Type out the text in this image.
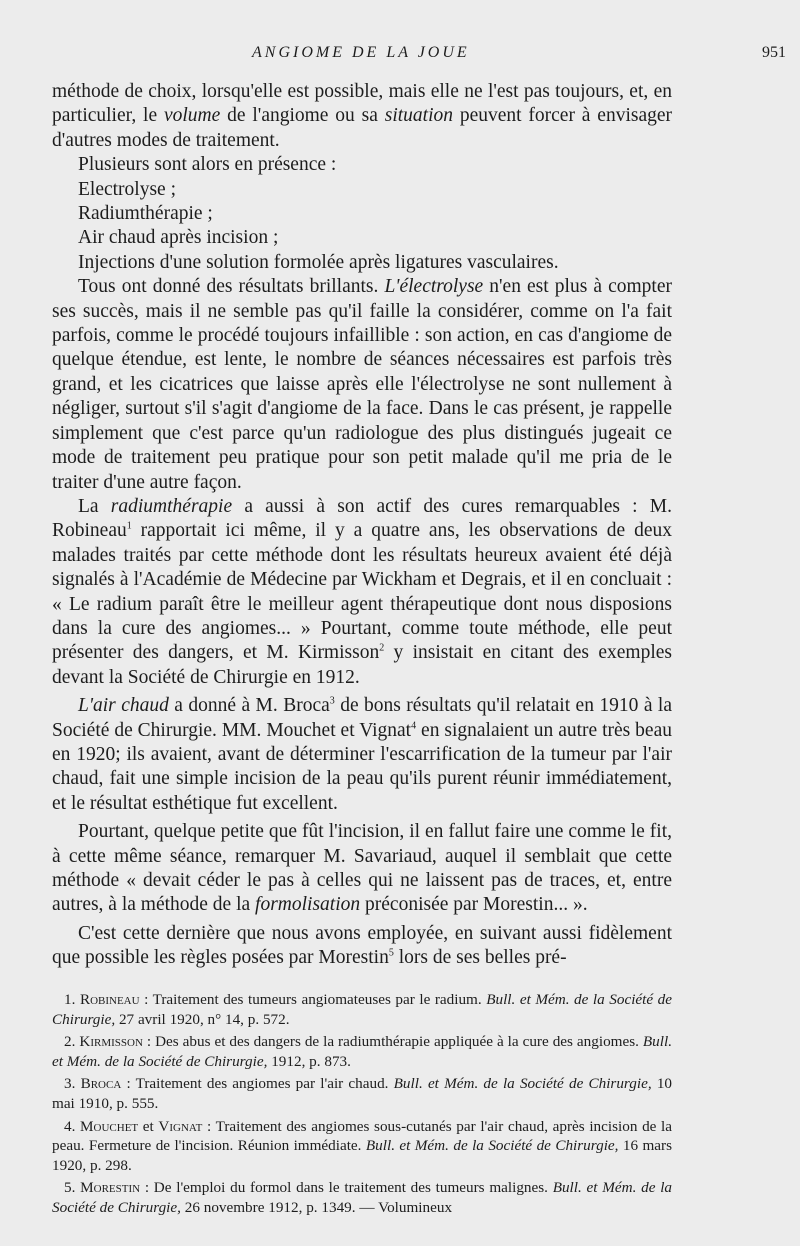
ANGIOME DE LA JOUE	951

méthode de choix, lorsqu'elle est possible, mais elle ne l'est pas toujours, et, en particulier, le volume de l'angiome ou sa situation peuvent forcer à envisager d'autres modes de traitement.

Plusieurs sont alors en présence :

Electrolyse ;

Radiumthérapie ;

Air chaud après incision ;

Injections d'une solution formolée après ligatures vasculaires.

Tous ont donné des résultats brillants. L'électrolyse n'en est plus à compter ses succès, mais il ne semble pas qu'il faille la considérer, comme on l'a fait parfois, comme le procédé toujours infaillible : son action, en cas d'angiome de quelque étendue, est lente, le nombre de séances nécessaires est parfois très grand, et les cicatrices que laisse après elle l'électrolyse ne sont nullement à négliger, surtout s'il s'agit d'angiome de la face. Dans le cas présent, je rappelle simplement que c'est parce qu'un radiologue des plus distingués jugeait ce mode de traitement peu pratique pour son petit malade qu'il me pria de le traiter d'une autre façon.

La radiumthérapie a aussi à son actif des cures remarquables : M. Robineau$^1$ rapportait ici même, il y a quatre ans, les observations de deux malades traités par cette méthode dont les résultats heureux avaient été déjà signalés à l'Académie de Médecine par Wickham et Degrais, et il en concluait : « Le radium paraît être le meilleur agent thérapeutique dont nous disposions dans la cure des angiomes... » Pourtant, comme toute méthode, elle peut présenter des dangers, et M. Kirmisson$^2$ y insistait en citant des exemples devant la Société de Chirurgie en 1912.

L'air chaud a donné à M. Broca$^3$ de bons résultats qu'il relatait en 1910 à la Société de Chirurgie. MM. Mouchet et Vignat$^4$ en signalaient un autre très beau en 1920; ils avaient, avant de déterminer l'escarrification de la tumeur par l'air chaud, fait une simple incision de la peau qu'ils purent réunir immédiatement, et le résultat esthétique fut excellent.

Pourtant, quelque petite que fût l'incision, il en fallut faire une comme le fit, à cette même séance, remarquer M. Savariaud, auquel il semblait que cette méthode « devait céder le pas à celles qui ne laissent pas de traces, et, entre autres, à la méthode de la formolisation préconisée par Morestin... ».

C'est cette dernière que nous avons employée, en suivant aussi fidèlement que possible les règles posées par Morestin$^5$ lors de ses belles pré-

1. Robineau : Traitement des tumeurs angiomateuses par le radium. Bull. et Mém. de la Société de Chirurgie, 27 avril 1920, n° 14, p. 572.

2. Kirmisson : Des abus et des dangers de la radiumthérapie appliquée à la cure des angiomes. Bull. et Mém. de la Société de Chirurgie, 1912, p. 873.

3. Broca : Traitement des angiomes par l'air chaud. Bull. et Mém. de la Société de Chirurgie, 10 mai 1910, p. 555.

4. Mouchet et Vignat : Traitement des angiomes sous-cutanés par l'air chaud, après incision de la peau. Fermeture de l'incision. Réunion immédiate. Bull. et Mém. de la Société de Chirurgie, 16 mars 1920, p. 298.

5. Morestin : De l'emploi du formol dans le traitement des tumeurs malignes. Bull. et Mém. de la Société de Chirurgie, 26 novembre 1912, p. 1349. — Volumineux
